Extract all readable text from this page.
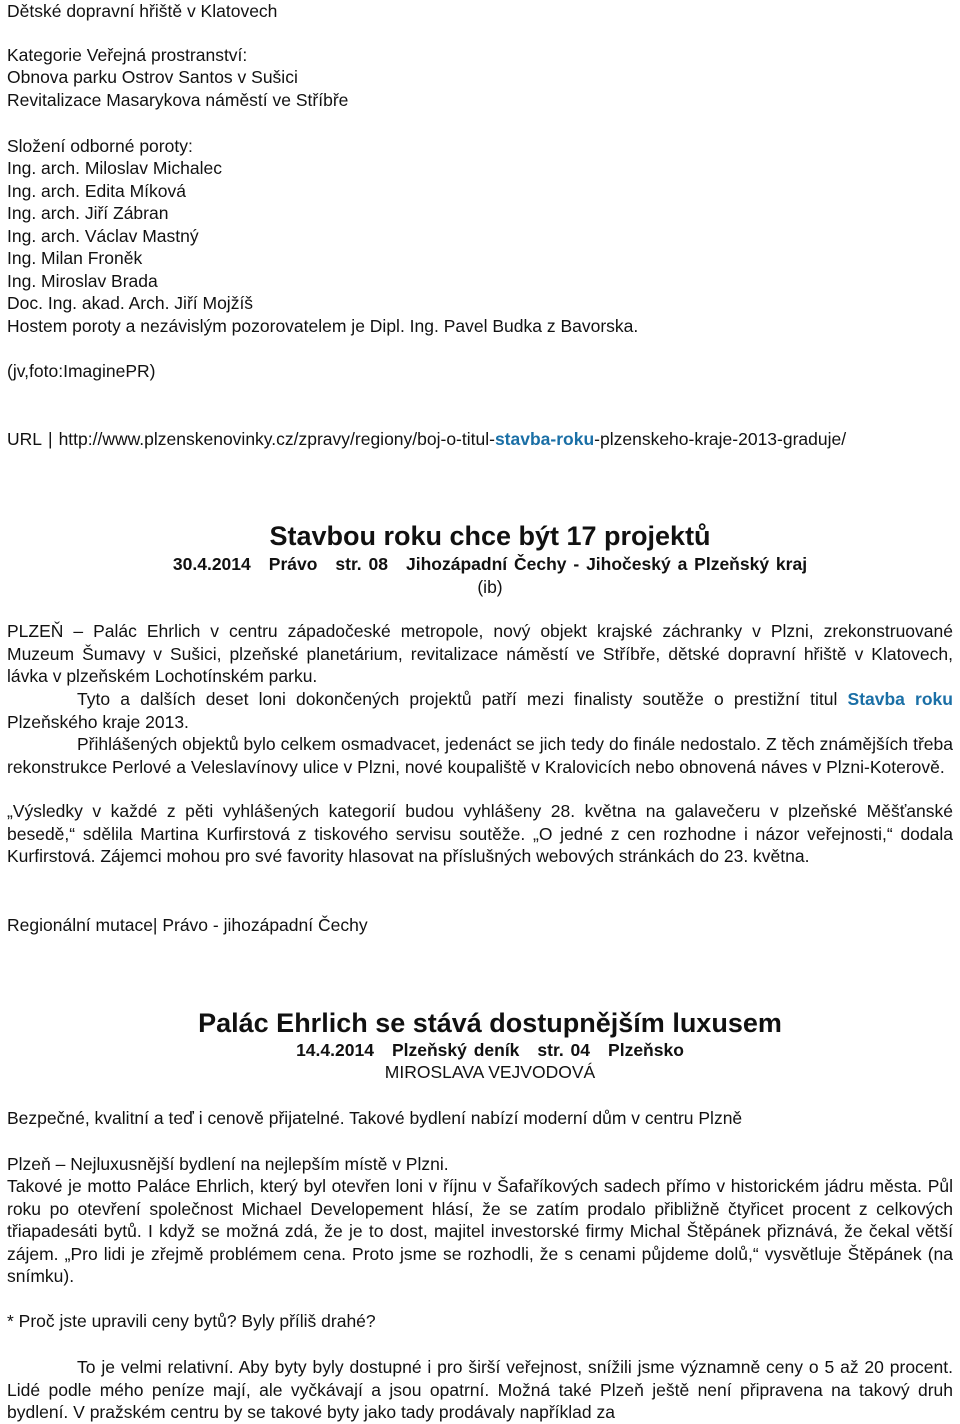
Dětské dopravní hřiště v Klatovech
Kategorie Veřejná prostranství:
Obnova parku Ostrov Santos v Sušici
Revitalizace Masarykova náměstí ve Stříbře
Složení odborné poroty:
Ing. arch. Miloslav Michalec
Ing. arch. Edita Míková
Ing. arch. Jiří Zábran
Ing. arch. Václav Mastný
Ing. Milan Froněk
Ing. Miroslav Brada
Doc. Ing. akad. Arch. Jiří Mojžíš
Hostem poroty a nezávislým pozorovatelem je Dipl. Ing. Pavel Budka z Bavorska.
(jv,foto:ImaginePR)
URL | http://www.plzenskenovinky.cz/zpravy/regiony/boj-o-titul-stavba-roku-plzenskeho-kraje-2013-graduje/
Stavbou roku chce být 17 projektů
30.4.2014 Právo str. 08 Jihozápadní Čechy - Jihočeský a Plzeňský kraj
(ib)
PLZEŇ – Palác Ehrlich v centru západočeské metropole, nový objekt krajské záchranky v Plzni, zrekonstruované Muzeum Šumavy v Sušici, plzeňské planetárium, revitalizace náměstí ve Stříbře, dětské dopravní hřiště v Klatovech, lávka v plzeňském Lochotínském parku.
Tyto a dalších deset loni dokončených projektů patří mezi finalisty soutěže o prestižní titul Stavba roku Plzeňského kraje 2013.
Přihlášených objektů bylo celkem osmadvacet, jedenáct se jich tedy do finále nedostalo. Z těch známějších třeba rekonstrukce Perlové a Veleslavínovy ulice v Plzni, nové koupaliště v Kralovicích nebo obnovená náves v Plzni-Koterově.
„Výsledky v každé z pěti vyhlášených kategorií budou vyhlášeny 28. května na galavečeru v plzeňské Měšťanské besedě,“ sdělila Martina Kurfirstová z tiskového servisu soutěže. „O jedné z cen rozhodne i názor veřejnosti,“ dodala Kurfirstová. Zájemci mohou pro své favority hlasovat na příslušných webových stránkách do 23. května.
Regionální mutace| Právo - jihozápadní Čechy
Palác Ehrlich se stává dostupnějším luxusem
14.4.2014 Plzeňský deník str. 04 Plzeňsko
MIROSLAVA VEJVODOVÁ
Bezpečné, kvalitní a teď i cenově přijatelné. Takové bydlení nabízí moderní dům v centru Plzně
Plzeň – Nejluxusnější bydlení na nejlepším místě v Plzni.
Takové je motto Paláce Ehrlich, který byl otevřen loni v říjnu v Šafaříkových sadech přímo v historickém jádru města. Půl roku po otevření společnost Michael Developement hlásí, že se zatím prodalo přibližně čtyřicet procent z celkových třiapadesáti bytů. I když se možná zdá, že je to dost, majitel investorské firmy Michal Štěpánek přiznává, že čekal větší zájem. „Pro lidi je zřejmě problémem cena. Proto jsme se rozhodli, že s cenami půjdeme dolů,“ vysvětluje Štěpánek (na snímku).
* Proč jste upravili ceny bytů? Byly příliš drahé?
To je velmi relativní. Aby byty byly dostupné i pro širší veřejnost, snížili jsme významně ceny o 5 až 20 procent. Lidé podle mého peníze mají, ale vyčkávají a jsou opatrní. Možná také Plzeň ještě není připravena na takový druh bydlení. V pražském centru by se takové byty jako tady prodávaly například za
